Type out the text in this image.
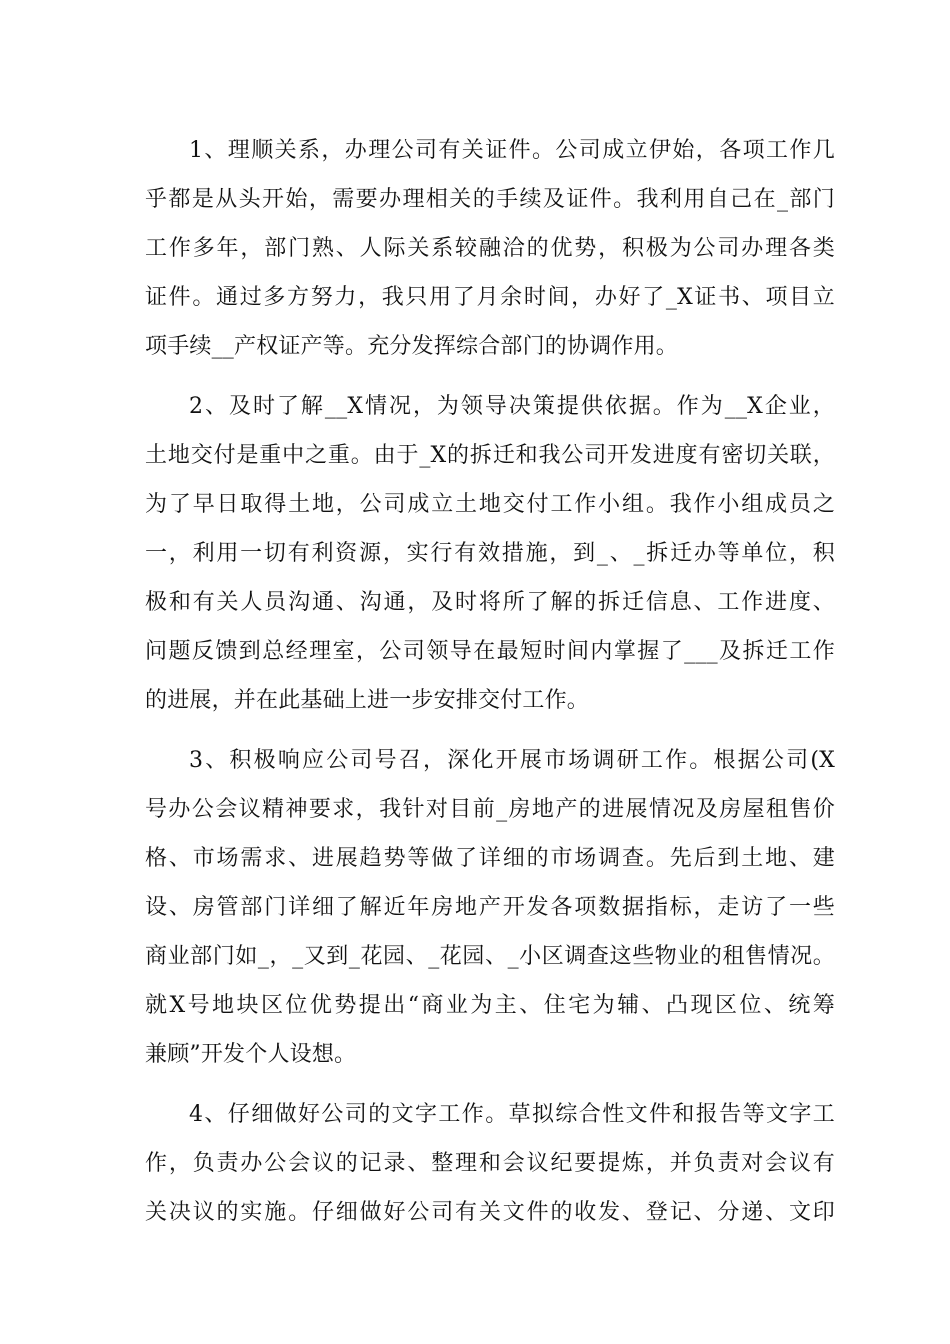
1、理顺关系，办理公司有关证件。公司成立伊始，各项工作几
乎都是从头开始，需要办理相关的手续及证件。我利用自己在_部门
工作多年，部门熟、人际关系较融洽的优势，积极为公司办理各类
证件。通过多方努力，我只用了月余时间，办好了_X证书、项目立
项手续__产权证产等。充分发挥综合部门的协调作用。
2、及时了解__X情况，为领导决策提供依据。作为__X企业，
土地交付是重中之重。由于_X的拆迁和我公司开发进度有密切关联，
为了早日取得土地，公司成立土地交付工作小组。我作小组成员之
一，利用一切有利资源，实行有效措施，到_、_拆迁办等单位，积
极和有关人员沟通、沟通，及时将所了解的拆迁信息、工作进度、
问题反馈到总经理室，公司领导在最短时间内掌握了___及拆迁工作
的进展，并在此基础上进一步安排交付工作。
3、积极响应公司号召，深化开展市场调研工作。根据公司(X
号办公会议精神要求，我针对目前_房地产的进展情况及房屋租售价
格、市场需求、进展趋势等做了详细的市场调查。先后到土地、建
设、房管部门详细了解近年房地产开发各项数据指标，走访了一些
商业部门如_，_又到_花园、_花园、_小区调查这些物业的租售情况。
就X号地块区位优势提出“商业为主、住宅为辅、凸现区位、统筹
兼顾”开发个人设想。
4、仔细做好公司的文字工作。草拟综合性文件和报告等文字工
作，负责办公会议的记录、整理和会议纪要提炼，并负责对会议有
关决议的实施。仔细做好公司有关文件的收发、登记、分递、文印
